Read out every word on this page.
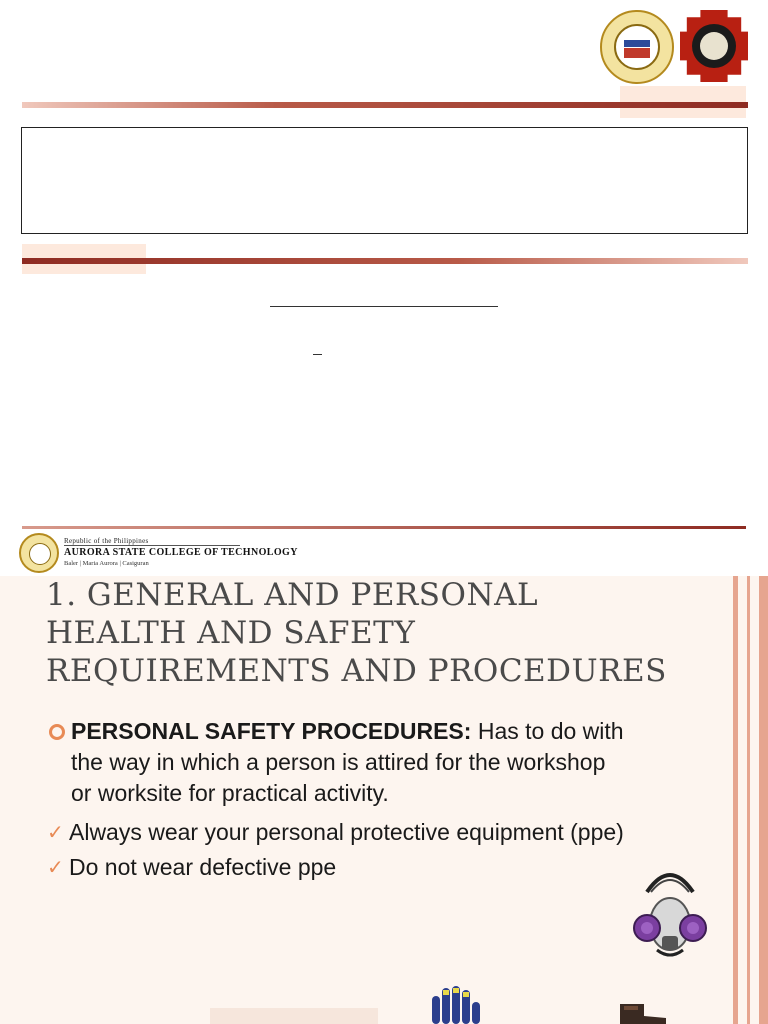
Republic of the Philippines
AURORA STATE COLLEGE OF TECHNOLOGY
Baler | Maria Aurora | Casiguran
1. GENERAL AND PERSONAL
HEALTH AND SAFETY
REQUIREMENTS AND PROCEDURES
PERSONAL SAFETY PROCEDURES: Has to do with
the way in which a person is attired for the workshop
or worksite for practical activity.
✓ Always wear your personal protective equipment (ppe)
✓ Do not wear defective ppe
